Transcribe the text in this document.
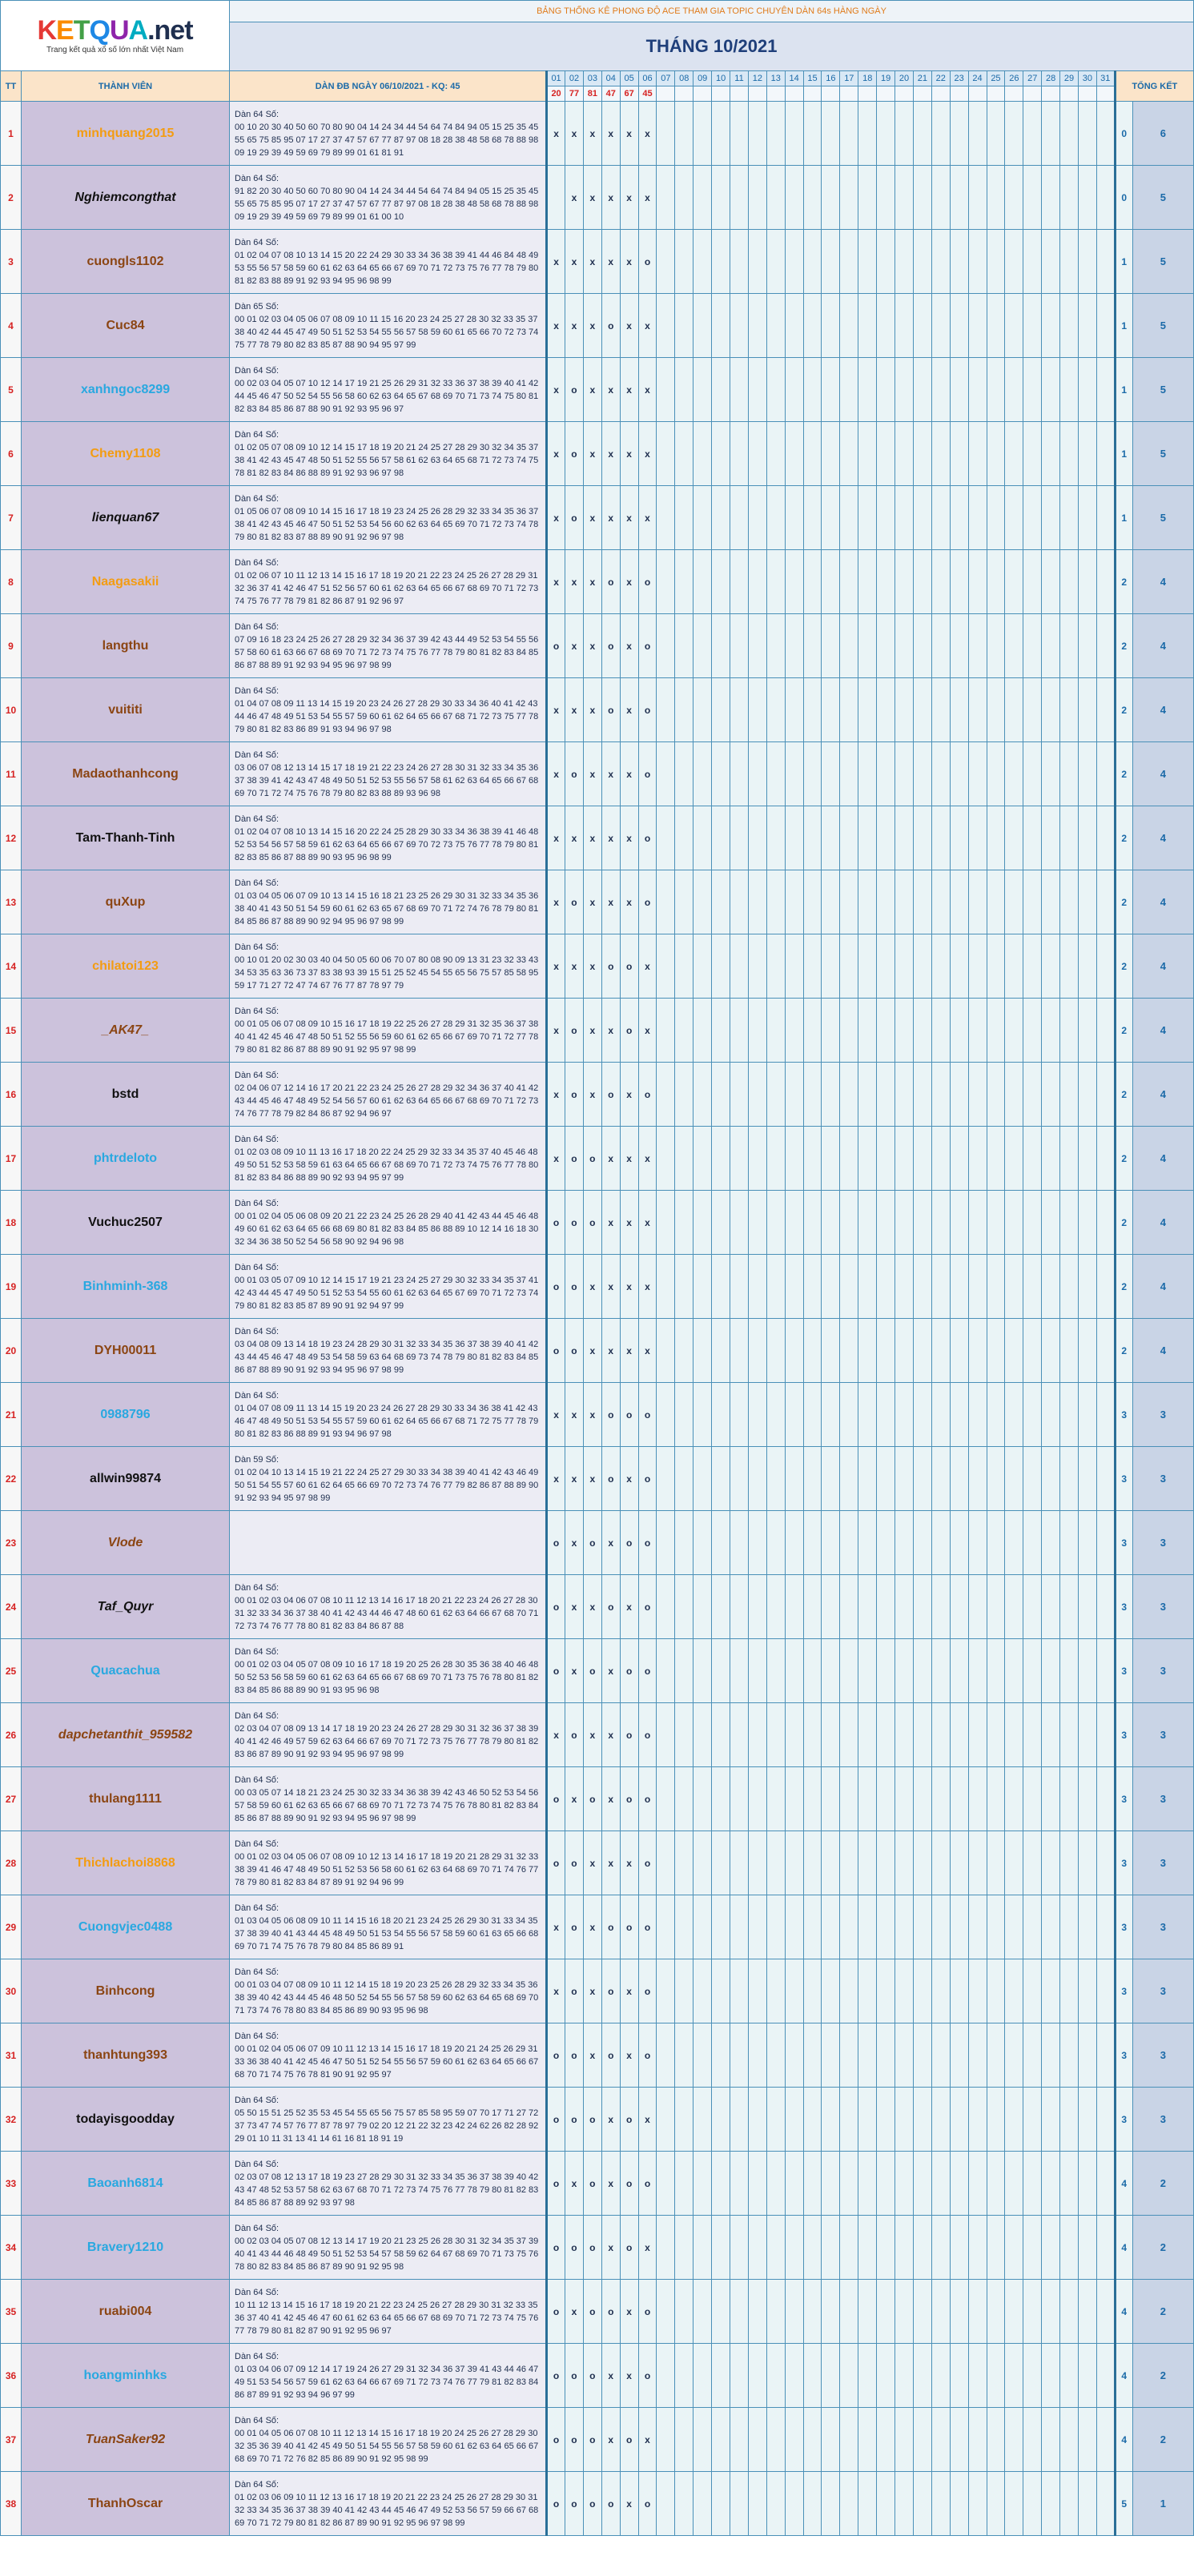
KETQUA.net
Trang kết quả xổ số lớn nhất Việt Nam		BẢNG THỐNG KÊ PHONG ĐỘ ACE THAM GIA TOPIC CHUYÊN DÀN 64s HÀNG NGÀY																																	
		THÁNG 10/2021																																	
TT	THÀNH VIÊN	DÀN ĐB NGÀY 06/10/2021 - KQ: 45	01	02	03	04	05	06	07	08	09	10	11	12	13	14	15	16	17	18	19	20	21	22	23	24	25	26	27	28	29	30	31	TỔNG KẾT	
			20	77	81	47	67	45																											
1	minhquang2015	Dàn 64 Số:
00 10 20 30 40 50 60 70 80 90 04 14 24 34 44 54 64 74 84 94 05 15 25 35 45 55 65 75 85 95 07 17 27 37 47 57 67 77 87 97 08 18 28 38 48 58 68 78 88 98 09 19 29 39 49 59 69 79 89 99 01 61 81 91	x	x	x	x	x	x																										0	6
2	Nghiemcongthat	Dàn 64 Số:
91 82 20 30 40 50 60 70 80 90 04 14 24 34 44 54 64 74 84 94 05 15 25 35 45 55 65 75 85 95 07 17 27 37 47 57 67 77 87 97 08 18 28 38 48 58 68 78 88 98 09 19 29 39 49 59 69 79 89 99 01 61 00 10		x	x	x	x	x																										0	5
3	cuongls1102	Dàn 64 Số:
01 02 04 07 08 10 13 14 15 20 22 24 29 30 33 34 36 38 39 41 44 46 84 48 49 53 55 56 57 58 59 60 61 62 63 64 65 66 67 69 70 71 72 73 75 76 77 78 79 80 81 82 83 88 89 91 92 93 94 95 96 98 99	x	x	x	x	x	o																										1	5
4	Cuc84	Dàn 65 Số:
00 01 02 03 04 05 06 07 08 09 10 11 15 16 20 23 24 25 27 28 30 32 33 35 37 38 40 42 44 45 47 49 50 51 52 53 54 55 56 57 58 59 60 61 65 66 70 72 73 74 75 77 78 79 80 82 83 85 87 88 90 94 95 97 99	x	x	x	o	x	x																										1	5
5	xanhngoc8299	Dàn 64 Số:
00 02 03 04 05 07 10 12 14 17 19 21 25 26 29 31 32 33 36 37 38 39 40 41 42 44 45 46 47 50 52 54 55 56 58 60 62 63 64 65 67 68 69 70 71 73 74 75 80 81 82 83 84 85 86 87 88 90 91 92 93 95 96 97	x	o	x	x	x	x																										1	5
6	Chemy1108	Dàn 64 Số:
01 02 05 07 08 09 10 12 14 15 17 18 19 20 21 24 25 27 28 29 30 32 34 35 37 38 41 42 43 45 47 48 50 51 52 55 56 57 58 61 62 63 64 65 68 71 72 73 74 75 78 81 82 83 84 86 88 89 91 92 93 96 97 98	x	o	x	x	x	x																										1	5
7	lienquan67	Dàn 64 Số:
01 05 06 07 08 09 10 14 15 16 17 18 19 23 24 25 26 28 29 32 33 34 35 36 37 38 41 42 43 45 46 47 50 51 52 53 54 56 60 62 63 64 65 69 70 71 72 73 74 78 79 80 81 82 83 87 88 89 90 91 92 96 97 98	x	o	x	x	x	x																										1	5
8	Naagasakii	Dàn 64 Số:
01 02 06 07 10 11 12 13 14 15 16 17 18 19 20 21 22 23 24 25 26 27 28 29 31 32 36 37 41 42 46 47 51 52 56 57 60 61 62 63 64 65 66 67 68 69 70 71 72 73 74 75 76 77 78 79 81 82 86 87 91 92 96 97	x	x	x	o	x	o																										2	4
9	langthu	Dàn 64 Số:
07 09 16 18 23 24 25 26 27 28 29 32 34 36 37 39 42 43 44 49 52 53 54 55 56 57 58 60 61 63 66 67 68 69 70 71 72 73 74 75 76 77 78 79 80 81 82 83 84 85 86 87 88 89 91 92 93 94 95 96 97 98 99	o	x	x	o	x	o																										2	4
10	vuititi	Dàn 64 Số:
01 04 07 08 09 11 13 14 15 19 20 23 24 26 27 28 29 30 33 34 36 40 41 42 43 44 46 47 48 49 51 53 54 55 57 59 60 61 62 64 65 66 67 68 71 72 73 75 77 78 79 80 81 82 83 86 89 91 93 94 96 97 98	x	x	x	o	x	o																										2	4
11	Madaothanhcong	Dàn 64 Số:
03 06 07 08 12 13 14 15 17 18 19 21 22 23 24 26 27 28 30 31 32 33 34 35 36 37 38 39 41 42 43 47 48 49 50 51 52 53 55 56 57 58 61 62 63 64 65 66 67 68 69 70 71 72 74 75 76 78 79 80 82 83 88 89 93 96 98	x	o	x	x	x	o																										2	4
12	Tam-Thanh-Tinh	Dàn 64 Số:
01 02 04 07 08 10 13 14 15 16 20 22 24 25 28 29 30 33 34 36 38 39 41 46 48 52 53 54 56 57 58 59 61 62 63 64 65 66 67 69 70 72 73 75 76 77 78 79 80 81 82 83 85 86 87 88 89 90 93 95 96 98 99	x	x	x	x	x	o																										2	4
13	quXup	Dàn 64 Số:
01 03 04 05 06 07 09 10 13 14 15 16 18 21 23 25 26 29 30 31 32 33 34 35 36 38 40 41 43 50 51 54 59 60 61 62 63 65 67 68 69 70 71 72 74 76 78 79 80 81 84 85 86 87 88 89 90 92 94 95 96 97 98 99	x	o	x	x	x	o																										2	4
14	chilatoi123	Dàn 64 Số:
00 10 01 20 02 30 03 40 04 50 05 60 06 70 07 80 08 90 09 13 31 23 32 33 43 34 53 35 63 36 73 37 83 38 93 39 15 51 25 52 45 54 55 65 56 75 57 85 58 95 59 17 71 27 72 47 74 67 76 77 87 78 97 79	x	x	x	o	o	x																										2	4
15	_AK47_	Dàn 64 Số:
00 01 05 06 07 08 09 10 15 16 17 18 19 22 25 26 27 28 29 31 32 35 36 37 38 40 41 42 45 46 47 48 50 51 52 55 56 59 60 61 62 65 66 67 69 70 71 72 77 78 79 80 81 82 86 87 88 89 90 91 92 95 97 98 99	x	o	x	x	o	x																										2	4
16	bstd	Dàn 64 Số:
02 04 06 07 12 14 16 17 20 21 22 23 24 25 26 27 28 29 32 34 36 37 40 41 42 43 44 45 46 47 48 49 52 54 56 57 60 61 62 63 64 65 66 67 68 69 70 71 72 73 74 76 77 78 79 82 84 86 87 92 94 96 97	x	o	x	o	x	o																										2	4
17	phtrdeloto	Dàn 64 Số:
01 02 03 08 09 10 11 13 16 17 18 20 22 24 25 29 32 33 34 35 37 40 45 46 48 49 50 51 52 53 58 59 61 63 64 65 66 67 68 69 70 71 72 73 74 75 76 77 78 80 81 82 83 84 86 88 89 90 92 93 94 95 97 99	x	o	o	x	x	x																										2	4
18	Vuchuc2507	Dàn 64 Số:
00 01 02 04 05 06 08 09 20 21 22 23 24 25 26 28 29 40 41 42 43 44 45 46 48 49 60 61 62 63 64 65 66 68 69 80 81 82 83 84 85 86 88 89 10 12 14 16 18 30 32 34 36 38 50 52 54 56 58 90 92 94 96 98	o	o	o	x	x	x																										2	4
19	Binhminh-368	Dàn 64 Số:
00 01 03 05 07 09 10 12 14 15 17 19 21 23 24 25 27 29 30 32 33 34 35 37 41 42 43 44 45 47 49 50 51 52 53 54 55 60 61 62 63 64 65 67 69 70 71 72 73 74 79 80 81 82 83 85 87 89 90 91 92 94 97 99	o	o	x	x	x	x																										2	4
20	DYH00011	Dàn 64 Số:
03 04 08 09 13 14 18 19 23 24 28 29 30 31 32 33 34 35 36 37 38 39 40 41 42 43 44 45 46 47 48 49 53 54 58 59 63 64 68 69 73 74 78 79 80 81 82 83 84 85 86 87 88 89 90 91 92 93 94 95 96 97 98 99	o	o	x	x	x	x																										2	4
21	0988796	Dàn 64 Số:
01 04 07 08 09 11 13 14 15 19 20 23 24 26 27 28 29 30 33 34 36 38 41 42 43 46 47 48 49 50 51 53 54 55 57 59 60 61 62 64 65 66 67 68 71 72 75 77 78 79 80 81 82 83 86 88 89 91 93 94 96 97 98	x	x	x	o	o	o																										3	3
22	allwin99874	Dàn 59 Số:
01 02 04 10 13 14 15 19 21 22 24 25 27 29 30 33 34 38 39 40 41 42 43 46 49 50 51 54 55 57 60 61 62 64 65 66 69 70 72 73 74 76 77 79 82 86 87 88 89 90 91 92 93 94 95 97 98 99	x	x	x	o	x	o																										3	3
23	Vlode		o	x	o	x	o	o																										3	3
24	Taf_Quyr	Dàn 64 Số:
00 01 02 03 04 06 07 08 10 11 12 13 14 16 17 18 20 21 22 23 24 26 27 28 30 31 32 33 34 36 37 38 40 41 42 43 44 46 47 48 60 61 62 63 64 66 67 68 70 71 72 73 74 76 77 78 80 81 82 83 84 86 87 88	o	x	x	o	x	o																										3	3
25	Quacachua	Dàn 64 Số:
00 01 02 03 04 05 07 08 09 10 16 17 18 19 20 25 26 28 30 35 36 38 40 46 48 50 52 53 56 58 59 60 61 62 63 64 65 66 67 68 69 70 71 73 75 76 78 80 81 82 83 84 85 86 88 89 90 91 93 95 96 98	o	x	o	x	o	o																										3	3
26	dapchetanthit_959582	Dàn 64 Số:
02 03 04 07 08 09 13 14 17 18 19 20 23 24 26 27 28 29 30 31 32 36 37 38 39 40 41 42 46 49 57 59 62 63 64 66 67 69 70 71 72 73 75 76 77 78 79 80 81 82 83 86 87 89 90 91 92 93 94 95 96 97 98 99	x	o	x	x	o	o																										3	3
27	thulang1111	Dàn 64 Số:
00 03 05 07 14 18 21 23 24 25 30 32 33 34 36 38 39 42 43 46 50 52 53 54 56 57 58 59 60 61 62 63 65 66 67 68 69 70 71 72 73 74 75 76 78 80 81 82 83 84 85 86 87 88 89 90 91 92 93 94 95 96 97 98 99	o	x	o	x	o	o																										3	3
28	Thichlachoi8868	Dàn 64 Số:
00 01 02 03 04 05 06 07 08 09 10 12 13 14 16 17 18 19 20 21 28 29 31 32 33 38 39 41 46 47 48 49 50 51 52 53 56 58 60 61 62 63 64 68 69 70 71 74 76 77 78 79 80 81 82 83 84 87 89 91 92 94 96 99	o	o	x	x	x	o																										3	3
29	Cuongvjec0488	Dàn 64 Số:
01 03 04 05 06 08 09 10 11 14 15 16 18 20 21 23 24 25 26 29 30 31 33 34 35 37 38 39 40 41 43 44 45 48 49 50 51 53 54 55 56 57 58 59 60 61 63 65 66 68 69 70 71 74 75 76 78 79 80 84 85 86 89 91	x	o	x	o	o	o																										3	3
30	Binhcong	Dàn 64 Số:
00 01 03 04 07 08 09 10 11 12 14 15 18 19 20 23 25 26 28 29 32 33 34 35 36 38 39 40 42 43 44 45 46 48 50 52 54 55 56 57 58 59 60 62 63 64 65 68 69 70 71 73 74 76 78 80 83 84 85 86 89 90 93 95 96 98	x	o	x	o	x	o																										3	3
31	thanhtung393	Dàn 64 Số:
00 01 02 04 05 06 07 09 10 11 12 13 14 15 16 17 18 19 20 21 24 25 26 29 31 33 36 38 40 41 42 45 46 47 50 51 52 54 55 56 57 59 60 61 62 63 64 65 66 67 68 70 71 74 75 76 78 81 90 91 92 95 97	o	o	x	o	x	o																										3	3
32	todayisgoodday	Dàn 64 Số:
05 50 15 51 25 52 35 53 45 54 55 65 56 75 57 85 58 95 59 07 70 17 71 27 72 37 73 47 74 57 76 77 87 78 97 79 02 20 12 21 22 32 23 42 24 62 26 82 28 92 29 01 10 11 31 13 41 14 61 16 81 18 91 19	o	o	o	x	o	x																										3	3
33	Baoanh6814	Dàn 64 Số:
02 03 07 08 12 13 17 18 19 23 27 28 29 30 31 32 33 34 35 36 37 38 39 40 42 43 47 48 52 53 57 58 62 63 67 68 70 71 72 73 74 75 76 77 78 79 80 81 82 83 84 85 86 87 88 89 92 93 97 98	o	x	o	x	o	o																										4	2
34	Bravery1210	Dàn 64 Số:
00 02 03 04 05 07 08 12 13 14 17 19 20 21 23 25 26 28 30 31 32 34 35 37 39 40 41 43 44 46 48 49 50 51 52 53 54 57 58 59 62 64 67 68 69 70 71 73 75 76 78 80 82 83 84 85 86 87 89 90 91 92 95 98	o	o	o	x	o	x																										4	2
35	ruabi004	Dàn 64 Số:
10 11 12 13 14 15 16 17 18 19 20 21 22 23 24 25 26 27 28 29 30 31 32 33 35 36 37 40 41 42 45 46 47 60 61 62 63 64 65 66 67 68 69 70 71 72 73 74 75 76 77 78 79 80 81 82 87 90 91 92 95 96 97	o	x	o	o	x	o																										4	2
36	hoangminhks	Dàn 64 Số:
01 03 04 06 07 09 12 14 17 19 24 26 27 29 31 32 34 36 37 39 41 43 44 46 47 49 51 53 54 56 57 59 61 62 63 64 66 67 69 71 72 73 74 76 77 79 81 82 83 84 86 87 89 91 92 93 94 96 97 99	o	o	o	x	x	o																										4	2
37	TuanSaker92	Dàn 64 Số:
00 01 04 05 06 07 08 10 11 12 13 14 15 16 17 18 19 20 24 25 26 27 28 29 30 32 35 36 39 40 41 42 45 49 50 51 54 55 56 57 58 59 60 61 62 63 64 65 66 67 68 69 70 71 72 76 82 85 86 89 90 91 92 95 98 99	o	o	o	x	o	x																										4	2
38	ThanhOscar	Dàn 64 Số:
01 02 03 06 09 10 11 12 13 16 17 18 19 20 21 22 23 24 25 26 27 28 29 30 31 32 33 34 35 36 37 38 39 40 41 42 43 44 45 46 47 49 52 53 56 57 59 66 67 68 69 70 71 72 79 80 81 82 86 87 89 90 91 92 95 96 97 98 99	o	o	o	o	x	o																										5	1
